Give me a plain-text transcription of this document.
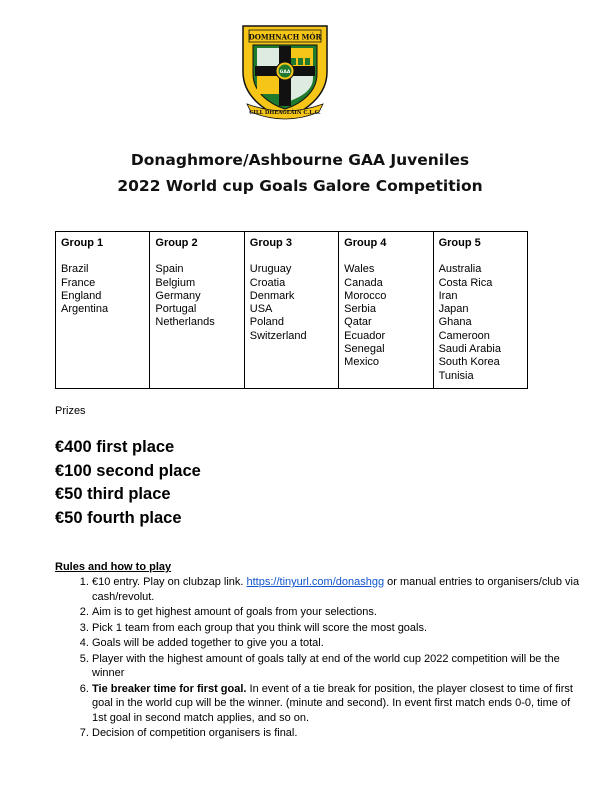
DOMHNACH MÓR
GAA
CILL DHEAGLÁIN C.L.G.
Donaghmore/Ashbourne GAA Juveniles
2022 World cup Goals Galore Competition
Group 1
Brazil
France
England
Argentina

Group 2
Spain
Belgium
Germany
Portugal
Netherlands

Group 3
Uruguay
Croatia
Denmark
USA
Poland
Switzerland

Group 4
Wales
Canada
Morocco
Serbia
Qatar
Ecuador
Senegal
Mexico

Group 5
Australia
Costa Rica
Iran
Japan
Ghana
Cameroon
Saudi Arabia
South Korea
Tunisia
Prizes
€400 first place
€100 second place
€50 third place
€50 fourth place
Rules and how to play
1. €10 entry. Play on clubzap link. https://tinyurl.com/donashgg or manual entries to organisers/club via cash/revolut.
2. Aim is to get highest amount of goals from your selections.
3. Pick 1 team from each group that you think will score the most goals.
4. Goals will be added together to give you a total.
5. Player with the highest amount of goals tally at end of the world cup 2022 competition will be the winner
6. Tie breaker time for first goal. In event of a tie break for position, the player closest to time of first goal in the world cup will be the winner. (minute and second). In event first match ends 0-0, time of 1st goal in second match applies, and so on.
7. Decision of competition organisers is final.
